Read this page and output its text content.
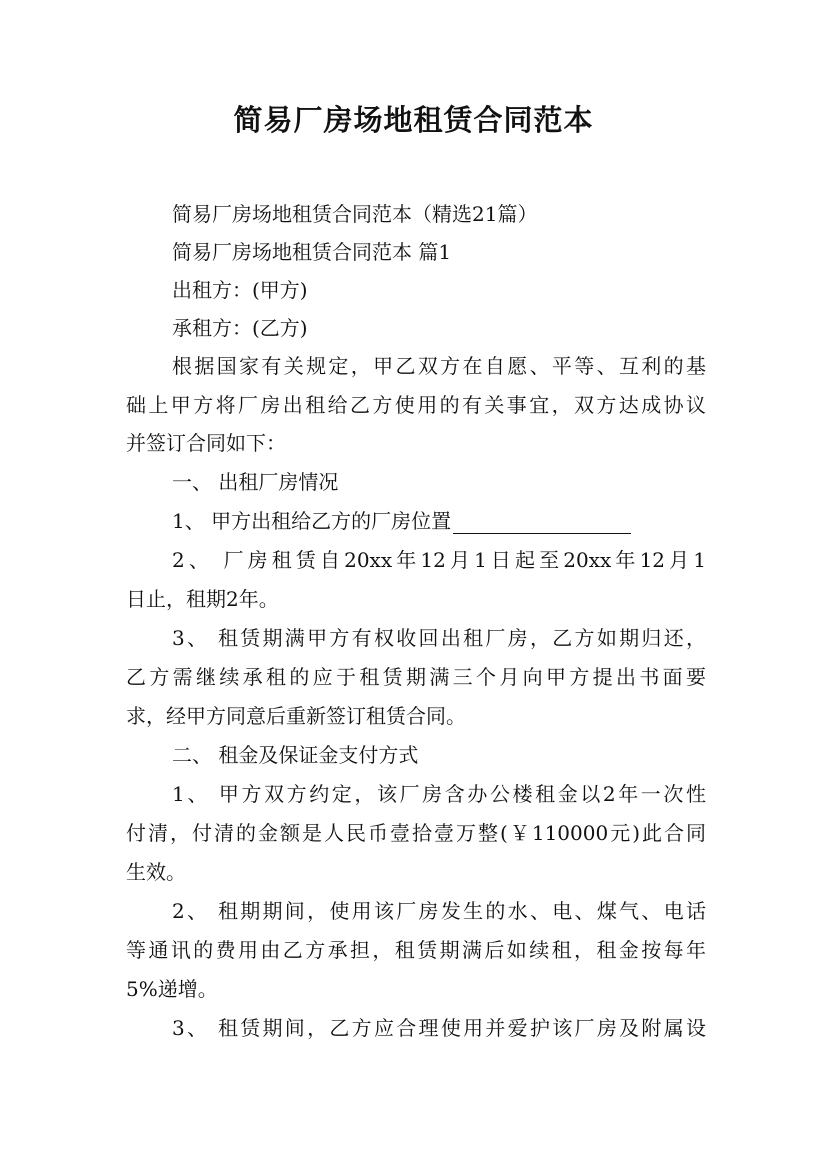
简易厂房场地租赁合同范本
简易厂房场地租赁合同范本（精选21篇）
简易厂房场地租赁合同范本 篇1
出租方：(甲方)
承租方：(乙方)
根据国家有关规定，甲乙双方在自愿、平等、互利的基
础上甲方将厂房出租给乙方使用的有关事宜，双方达成协议
并签订合同如下：
一、 出租厂房情况
1、 甲方出租给乙方的厂房位置
2、 厂房租赁自20xx年12月1日起至20xx年12月1
日止，租期2年。
3、 租赁期满甲方有权收回出租厂房，乙方如期归还，
乙方需继续承租的应于租赁期满三个月向甲方提出书面要
求，经甲方同意后重新签订租赁合同。
二、 租金及保证金支付方式
1、 甲方双方约定，该厂房含办公楼租金以2年一次性
付清，付清的金额是人民币壹拾壹万整(￥110000元)此合同
生效。
2、 租期期间，使用该厂房发生的水、电、煤气、电话
等通讯的费用由乙方承担，租赁期满后如续租，租金按每年
5%递增。
3、 租赁期间，乙方应合理使用并爱护该厂房及附属设
